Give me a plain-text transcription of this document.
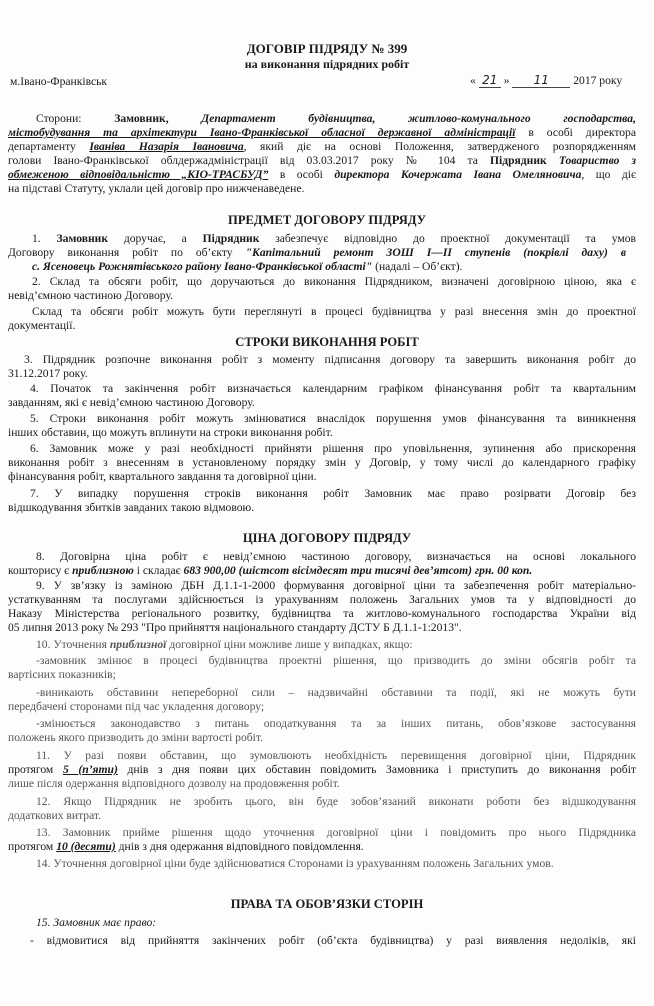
ДОГОВІР ПІДРЯДУ № 399
на виконання підрядних робіт
м.Івано-Франківськ	« 21 » 11 2017 року
Сторони:	Замовник,	Департамент будівництва, житлово-комунального господарства,
містобудування та архітектури Івано-Франківської обласної державної адміністрації в особі директора
департаменту Іваніва Назарія Івановича, який діє на основі Положення, затвердженого розпорядженням
голови Івано-Франківської облдержадміністрації від 03.03.2017 року № 104 та Підрядник Товариство з
обмеженою відповідальністю „КІО-ТРАСБУД” в особі директора Кочержата Івана Омеляновича, що діє
на підставі Статуту, уклали цей договір про нижченаведене.
ПРЕДМЕТ ДОГОВОРУ ПІДРЯДУ
1. Замовник доручає, а Підрядник забезпечує відповідно до проектної документації та умов
Договору виконання робіт по об’єкту "Капітальний ремонт ЗОШ І—ІІ ступенів (покрівлі даху) в
с. Ясеновець Рожнятівського району Івано-Франківської області" (надалі – Об’єкт).
2. Склад та обсяги робіт, що доручаються до виконання Підрядником, визначені договірною ціною, яка є
невід’ємною частиною Договору.
Склад та обсяги робіт можуть бути переглянуті в процесі будівництва у разі внесення змін до проектної
документації.
СТРОКИ ВИКОНАННЯ РОБІТ
3. Підрядник розпочне виконання робіт з моменту підписання договору та завершить виконання робіт до
31.12.2017 року.
4. Початок та закінчення робіт визначається календарним графіком фінансування робіт та квартальним
завданням, які є невід’ємною частиною Договору.
5. Строки виконання робіт можуть змінюватися внаслідок порушення умов фінансування та виникнення
інших обставин, що можуть вплинути на строки виконання робіт.
6. Замовник може у разі необхідності прийняти рішення про уповільнення, зупинення або прискорення
виконання робіт з внесенням в установленому порядку змін у Договір, у тому числі до календарного графіку
фінансування робіт, квартального завдання та договірної ціни.
7. У випадку порушення строків виконання робіт Замовник має право розірвати Договір без
відшкодування збитків завданих такою відмовою.
ЦІНА ДОГОВОРУ ПІДРЯДУ
8. Договірна ціна робіт є невід’ємною частиною договору, визначається на основі локального
кошторису є приблизною і складає 683 900,00 (шістсот вісімдесят три тисячі дев’ятсот) грн. 00 коп.
9. У зв’язку із заміною ДБН Д.1.1-1-2000 формування договірної ціни та забезпечення робіт матеріально-
устаткуванням та послугами здійснюється із урахуванням положень Загальних умов та у відповідності до
Наказу Міністерства регіонального розвитку, будівництва та житлово-комунального господарства України від
05 липня 2013 року № 293 "Про прийняття національного стандарту ДСТУ Б Д.1.1-1:2013".
10. Уточнення приблизної договірної ціни можливе лише у випадках, якщо:
-замовник змінює в процесі будівництва проектні рішення, що призводить до зміни обсягів робіт та
вартісних показників;
-виникають обставини непереборної сили – надзвичайні обставини та події, які не можуть бути
передбачені сторонами під час укладення договору;
-змінюється законодавство з питань оподаткування та за інших питань, обов’язкове застосування
положень якого призводить до зміни вартості робіт.
11. У разі появи обставин, що зумовлюють необхідність перевищення договірної ціни, Підрядник
протягом 5 (п’яти) днів з дня появи цих обставин повідомить Замовника і приступить до виконання робіт
лише після одержання відповідного дозволу на продовження робіт.
12. Якщо Підрядник не зробить цього, він буде зобов’язаний виконати роботи без відшкодування
додаткових витрат.
13. Замовник прийме рішення щодо уточнення договірної ціни і повідомить про нього Підрядника
протягом 10 (десяти) днів з дня одержання відповідного повідомлення.
14. Уточнення договірної ціни буде здійснюватися Сторонами із урахуванням положень Загальних умов.
ПРАВА ТА ОБОВ’ЯЗКИ СТОРІН
15. Замовник має право:
- відмовитися від прийняття закінчених робіт (об’єкта будівництва) у разі виявлення недоліків, які
